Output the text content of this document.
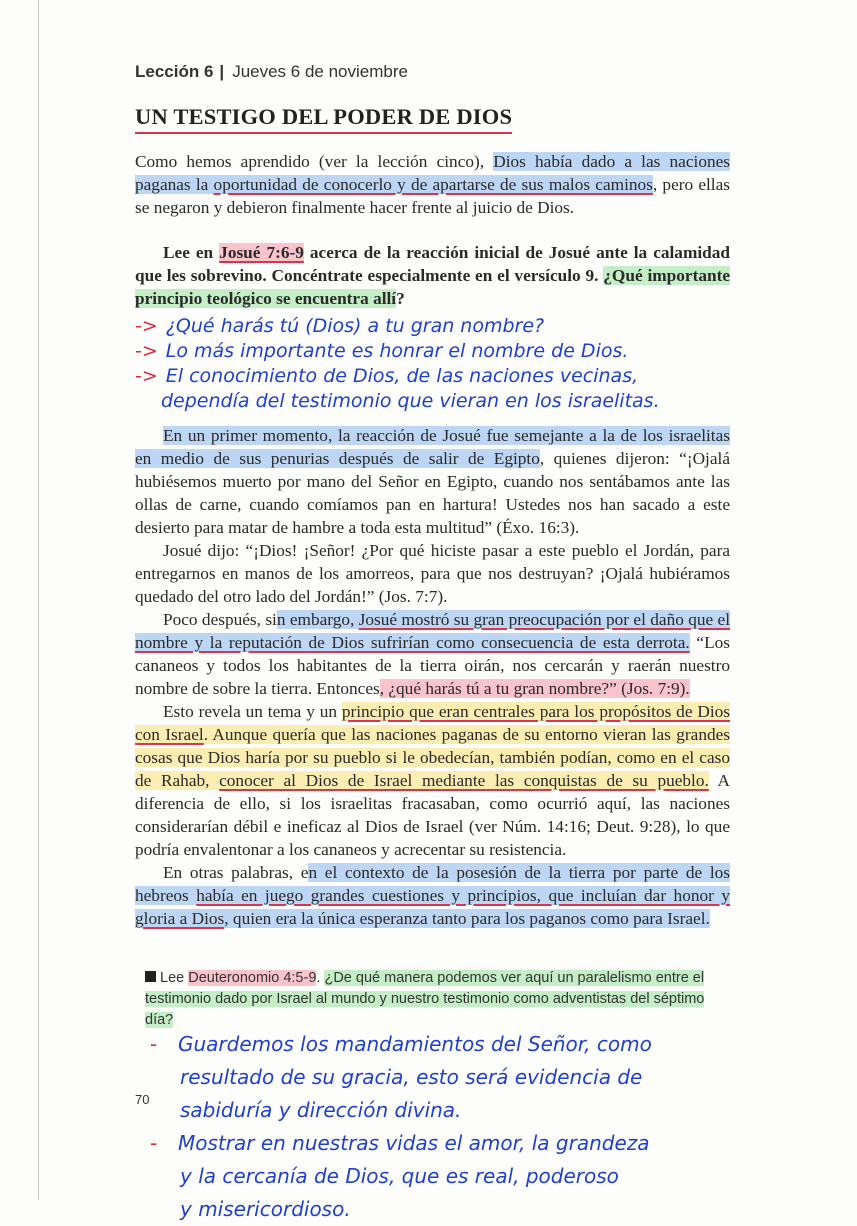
Lección 6 | Jueves 6 de noviembre
UN TESTIGO DEL PODER DE DIOS

Como hemos aprendido (ver la lección cinco), Dios había dado a las naciones paganas la oportunidad de conocerlo y de apartarse de sus malos caminos, pero ellas se negaron y debieron finalmente hacer frente al juicio de Dios.

Lee en Josué 7:6-9 acerca de la reacción inicial de Josué ante la calamidad que les sobrevino. Concéntrate especialmente en el versículo 9. ¿Qué importante principio teológico se encuentra allí?

-> ¿Qué harás tú (Dios) a tu gran nombre?
-> Lo más importante es honrar el nombre de Dios.
-> El conocimiento de Dios, de las naciones vecinas,
dependía del testimonio que vieran en los israelitas.

En un primer momento, la reacción de Josué fue semejante a la de los israelitas en medio de sus penurias después de salir de Egipto, quienes dijeron: “¡Ojalá hubiésemos muerto por mano del Señor en Egipto, cuando nos sentábamos ante las ollas de carne, cuando comíamos pan en hartura! Ustedes nos han sacado a este desierto para matar de hambre a toda esta multitud” (Éxo. 16:3).

Josué dijo: “¡Dios! ¡Señor! ¿Por qué hiciste pasar a este pueblo el Jordán, para entregarnos en manos de los amorreos, para que nos destruyan? ¡Ojalá hubiéramos quedado del otro lado del Jordán!” (Jos. 7:7).

Poco después, sin embargo, Josué mostró su gran preocupación por el daño que el nombre y la reputación de Dios sufrirían como consecuencia de esta derrota. “Los cananeos y todos los habitantes de la tierra oirán, nos cercarán y raerán nuestro nombre de sobre la tierra. Entonces, ¿qué harás tú a tu gran nombre?” (Jos. 7:9).

Esto revela un tema y un principio que eran centrales para los propósitos de Dios con Israel. Aunque quería que las naciones paganas de su entorno vieran las grandes cosas que Dios haría por su pueblo si le obedecían, también podían, como en el caso de Rahab, conocer al Dios de Israel mediante las conquistas de su pueblo. A diferencia de ello, si los israelitas fracasaban, como ocurrió aquí, las naciones considerarían débil e ineficaz al Dios de Israel (ver Núm. 14:16; Deut. 9:28), lo que podría envalentonar a los cananeos y acrecentar su resistencia.

En otras palabras, en el contexto de la posesión de la tierra por parte de los hebreos había en juego grandes cuestiones y principios, que incluían dar honor y gloria a Dios, quien era la única esperanza tanto para los paganos como para Israel.

Lee Deuteronomio 4:5-9. ¿De qué manera podemos ver aquí un paralelismo entre el testimonio dado por Israel al mundo y nuestro testimonio como adventistas del séptimo día?
70
- Guardemos los mandamientos del Señor, como
resultado de su gracia, esto será evidencia de
sabiduría y dirección divina.
- Mostrar en nuestras vidas el amor, la grandeza
y la cercanía de Dios, que es real, poderoso
y misericordioso.
